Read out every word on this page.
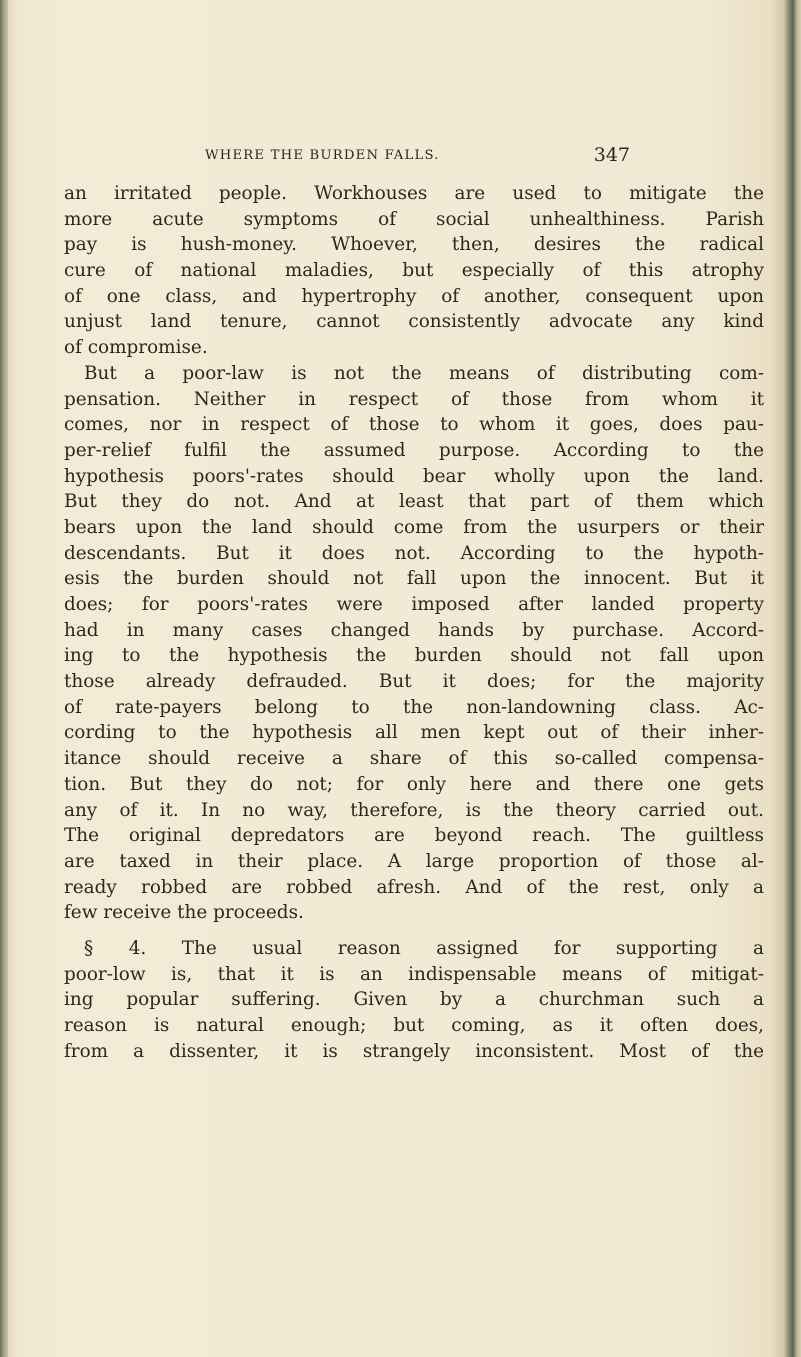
WHERE THE BURDEN FALLS.	347
an irritated people. Workhouses are used to mitigate the
more acute symptoms of social unhealthiness. Parish
pay is hush-money. Whoever, then, desires the radical
cure of national maladies, but especially of this atrophy
of one class, and hypertrophy of another, consequent upon
unjust land tenure, cannot consistently advocate any kind
of compromise.
But a poor-law is not the means of distributing com-
pensation. Neither in respect of those from whom it
comes, nor in respect of those to whom it goes, does pau-
per-relief fulfil the assumed purpose. According to the
hypothesis poors'-rates should bear wholly upon the land.
But they do not. And at least that part of them which
bears upon the land should come from the usurpers or their
descendants. But it does not. According to the hypoth-
esis the burden should not fall upon the innocent. But it
does; for poors'-rates were imposed after landed property
had in many cases changed hands by purchase. Accord-
ing to the hypothesis the burden should not fall upon
those already defrauded. But it does; for the majority
of rate-payers belong to the non-landowning class. Ac-
cording to the hypothesis all men kept out of their inher-
itance should receive a share of this so-called compensa-
tion. But they do not; for only here and there one gets
any of it. In no way, therefore, is the theory carried out.
The original depredators are beyond reach. The guiltless
are taxed in their place. A large proportion of those al-
ready robbed are robbed afresh. And of the rest, only a
few receive the proceeds.
§ 4. The usual reason assigned for supporting a
poor-low is, that it is an indispensable means of mitigat-
ing popular suffering. Given by a churchman such a
reason is natural enough; but coming, as it often does,
from a dissenter, it is strangely inconsistent. Most of the
